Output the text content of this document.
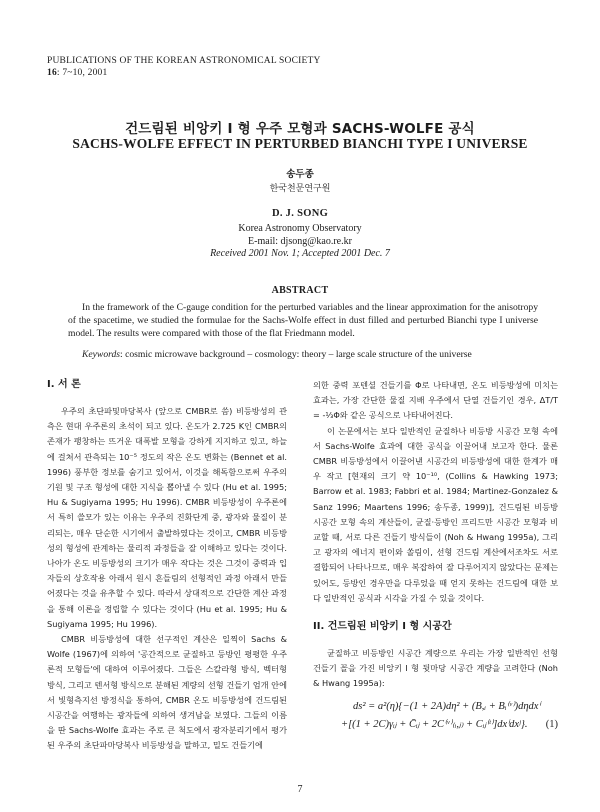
PUBLICATIONS OF THE KOREAN ASTRONOMICAL SOCIETY
16: 7~10, 2001
건드림된 비앙키 I 형 우주 모형과 SACHS-WOLFE 공식
SACHS-WOLFE EFFECT IN PERTURBED BIANCHI TYPE I UNIVERSE
송두종
한국천문연구원
D. J. SONG
Korea Astronomy Observatory
E-mail: djsong@kao.re.kr
Received 2001 Nov. 1; Accepted 2001 Dec. 7
ABSTRACT
In the framework of the C-gauge condition for the perturbed variables and the linear approximation for the anisotropy of the spacetime, we studied the formulae for the Sachs-Wolfe effect in dust filled and perturbed Bianchi type I universe model. The results were compared with those of the flat Friedmann model.
Keywords: cosmic microwave background – cosmology: theory – large scale structure of the universe
I. 서 론
우주의 초단파및마당복사 (앞으로 CMBR로 씀) 비등방성의 관측은 현대 우주론의 초석이 되고 있다. 온도가 2.725 K인 CMBR의 존재가 팽창하는 뜨거운 대폭발 모형을 강하게 지지하고 있고, 하늘에 걸쳐서 관측되는 10⁻⁵ 정도의 작은 온도 변화는 (Bennet et al. 1996) 풍부한 정보를 숨기고 있어서, 이것을 해독함으로써 우주의 기원 및 구조 형성에 대한 지식을 뽑아낼 수 있다 (Hu et al. 1995; Hu & Sugiyama 1995; Hu 1996). CMBR 비등방성이 우주론에서 특히 쓸모가 있는 이유는 우주의 진화단계 중, 광자와 물질이 분리되는, 매우 단순한 시기에서 출발하였다는 것이고, CMBR 비등방성의 형성에 관계하는 물리적 과정들을 잘 이해하고 있다는 것이다. 나아가 온도 비등방성의 크기가 매우 작다는 것은 그것이 중력과 입자들의 상호작용 아래서 원시 흔들림의 선형적인 과정 아래서 만들어졌다는 것을 유추할 수 있다. 따라서 상대적으로 간단한 계산 과정을 통해 이론을 정립할 수 있다는 것이다 (Hu et al. 1995; Hu & Sugiyama 1995; Hu 1996).
CMBR 비등방성에 대한 선구적인 계산은 일찍이 Sachs & Wolfe (1967)에 의하여 '공간적으로 균질하고 등방인 평평한 우주론적 모형들'에 대하여 이루어졌다. 그들은 스칼라형 방식, 벡터형 방식, 그리고 텐서형 방식으로 분해된 계량의 선형 건들기 엄개 안에서 빛형측지선 방정식을 통하여, CMBR 온도 비등방성에 건드림된 시공간을 여행하는 광자들에 의하여 생겨남을 보였다. 그들의 이름을 딴 Sachs-Wolfe 효과는 주로 큰 척도에서 광자분리기에서 평가된 우주의 초단파마당복사 비등방성을 말하고, 밀도 건들기에
의한 중력 포텐셜 건들기를 Φ로 나타내면, 온도 비등방성에 미치는 효과는, 가장 간단한 물질 지배 우주에서 단열 건들기인 경우, ΔT/T = -⅓Φ와 같은 공식으로 나타내어진다.
이 논문에서는 보다 일반적인 균질하나 비등방 시공간 모형 속에서 Sachs-Wolfe 효과에 대한 공식을 이끌어내 보고자 한다. 물론 CMBR 비등방성에서 이끌어낸 시공간의 비등방성에 대한 한계가 매우 작고 [현재의 크기 약 10⁻¹⁰, (Collins & Hawking 1973; Barrow et al. 1983; Fabbri et al. 1984; Martinez-Gonzalez & Sanz 1996; Maartens 1996; 송두종, 1999)], 건드림된 비등방 시공간 모형 속의 계산들이, 균질·등방인 프리드만 시공간 모형과 비교할 때, 서로 다른 건들기 방식들이 (Noh & Hwang 1995a), 그리고 광자의 에너지 편이와 쏠림이, 선형 건드림 계산에서조차도 서로 결합되어 나타나므로, 매우 복잡하여 잘 다루어지지 않았다는 문제는 있어도, 등방인 경우만을 다루었을 때 얻지 못하는 건드림에 대한 보다 일반적인 공식과 시각을 가질 수 있을 것이다.
II. 건드림된 비앙키 I 형 시공간
균질하고 비등방인 시공간 계량으로 우리는 가장 일반적인 선형 건들기 꼴을 가진 비앙키 I 형 뒷마당 시공간 계량을 고려한다 (Noh & Hwang 1995a):
ds² = a²(η){−(1 + 2A)dη² + (B,ᵢ + Bᵢ⁽ᵛ⁾)dηdxⁱ
+[(1 + 2C)γᵢⱼ + C̄ᵢⱼ + 2C⁽ᵛ⁾₍ᵢ,ⱼ₎ + Cᵢⱼ⁽ᵗ⁾]dxⁱdxʲ}. (1)
7
